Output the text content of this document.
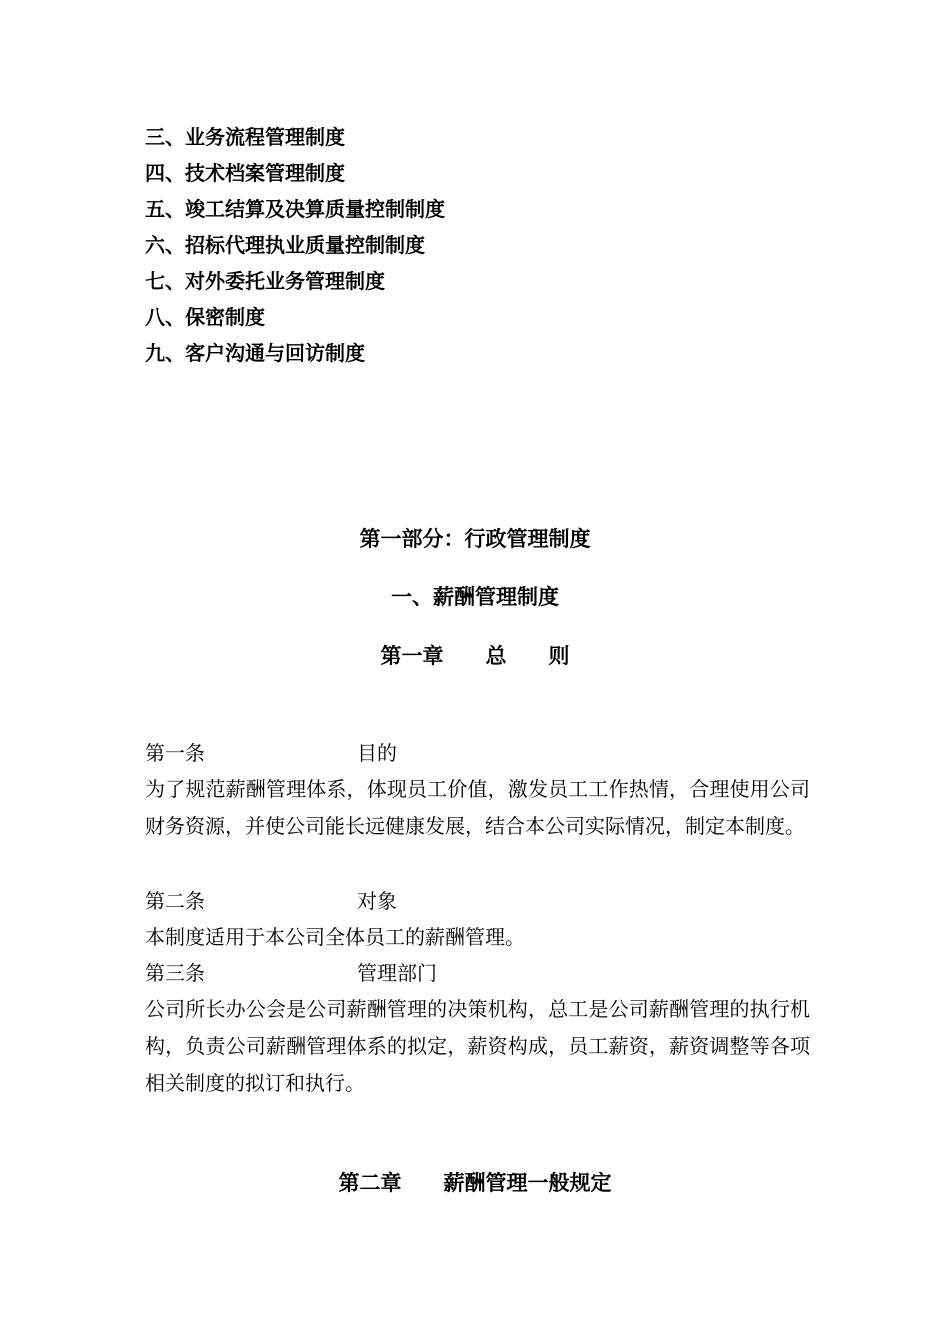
三、业务流程管理制度
四、技术档案管理制度
五、竣工结算及决算质量控制制度
六、招标代理执业质量控制制度
七、对外委托业务管理制度
八、保密制度
九、客户沟通与回访制度
第一部分：行政管理制度
一、薪酬管理制度
第一章　　总　　则
第一条	目的
为了规范薪酬管理体系，体现员工价值，激发员工工作热情，合理使用公司财务资源，并使公司能长远健康发展，结合本公司实际情况，制定本制度。
第二条	对象
本制度适用于本公司全体员工的薪酬管理。
第三条	管理部门
公司所长办公会是公司薪酬管理的决策机构，总工是公司薪酬管理的执行机构，负责公司薪酬管理体系的拟定，薪资构成，员工薪资，薪资调整等各项相关制度的拟订和执行。
第二章　　薪酬管理一般规定
